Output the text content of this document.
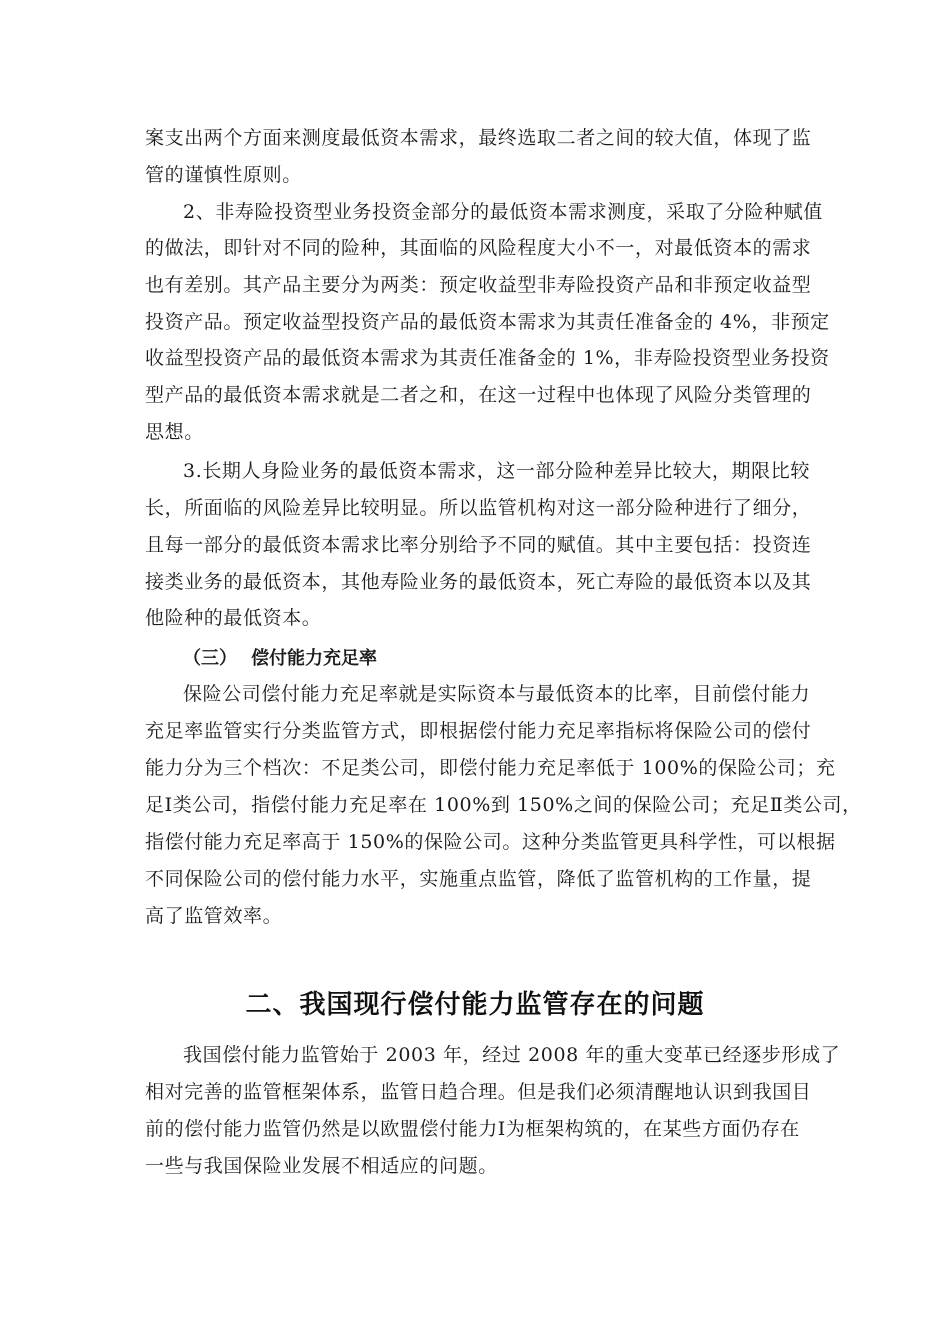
案支出两个方面来测度最低资本需求，最终选取二者之间的较大值，体现了监

管的谨慎性原则。

2、非寿险投资型业务投资金部分的最低资本需求测度，采取了分险种赋值

的做法，即针对不同的险种，其面临的风险程度大小不一，对最低资本的需求

也有差别。其产品主要分为两类：预定收益型非寿险投资产品和非预定收益型

投资产品。预定收益型投资产品的最低资本需求为其责任准备金的 4%，非预定

收益型投资产品的最低资本需求为其责任准备金的 1%，非寿险投资型业务投资

型产品的最低资本需求就是二者之和，在这一过程中也体现了风险分类管理的

思想。

3.长期人身险业务的最低资本需求，这一部分险种差异比较大，期限比较

长，所面临的风险差异比较明显。所以监管机构对这一部分险种进行了细分，

且每一部分的最低资本需求比率分别给予不同的赋值。其中主要包括：投资连

接类业务的最低资本，其他寿险业务的最低资本，死亡寿险的最低资本以及其

他险种的最低资本。

（三） 偿付能力充足率

保险公司偿付能力充足率就是实际资本与最低资本的比率，目前偿付能力

充足率监管实行分类监管方式，即根据偿付能力充足率指标将保险公司的偿付

能力分为三个档次：不足类公司，即偿付能力充足率低于 100%的保险公司；充

足Ⅰ类公司，指偿付能力充足率在 100%到 150%之间的保险公司；充足Ⅱ类公司，

指偿付能力充足率高于 150%的保险公司。这种分类监管更具科学性，可以根据

不同保险公司的偿付能力水平，实施重点监管，降低了监管机构的工作量，提

高了监管效率。

二、我国现行偿付能力监管存在的问题

我国偿付能力监管始于 2003 年，经过 2008 年的重大变革已经逐步形成了

相对完善的监管框架体系，监管日趋合理。但是我们必须清醒地认识到我国目

前的偿付能力监管仍然是以欧盟偿付能力Ⅰ为框架构筑的，在某些方面仍存在

一些与我国保险业发展不相适应的问题。
